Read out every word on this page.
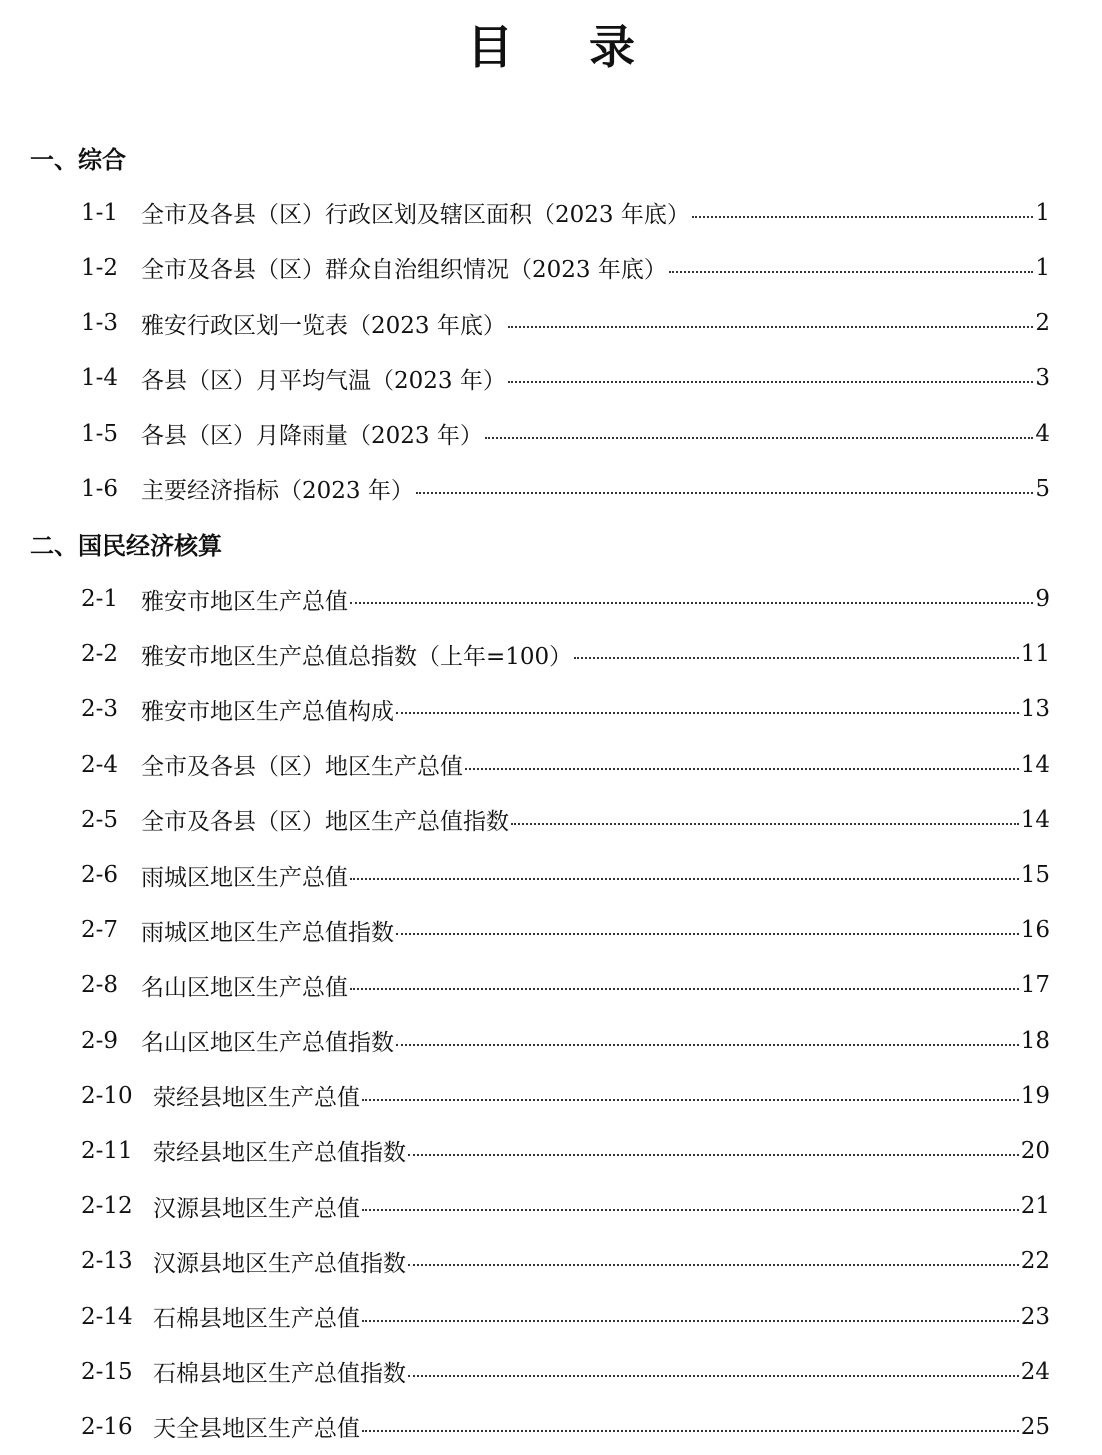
目 录
一、综合
1-1 全市及各县（区）行政区划及辖区面积（2023 年底）	1
1-2 全市及各县（区）群众自治组织情况（2023 年底）	1
1-3 雅安行政区划一览表（2023 年底）	2
1-4 各县（区）月平均气温（2023 年）	3
1-5 各县（区）月降雨量（2023 年）	4
1-6 主要经济指标（2023 年）	5
二、国民经济核算
2-1 雅安市地区生产总值	9
2-2 雅安市地区生产总值总指数（上年=100）	11
2-3 雅安市地区生产总值构成	13
2-4 全市及各县（区）地区生产总值	14
2-5 全市及各县（区）地区生产总值指数	14
2-6 雨城区地区生产总值	15
2-7 雨城区地区生产总值指数	16
2-8 名山区地区生产总值	17
2-9 名山区地区生产总值指数	18
2-10 荥经县地区生产总值	19
2-11 荥经县地区生产总值指数	20
2-12 汉源县地区生产总值	21
2-13 汉源县地区生产总值指数	22
2-14 石棉县地区生产总值	23
2-15 石棉县地区生产总值指数	24
2-16 天全县地区生产总值	25
